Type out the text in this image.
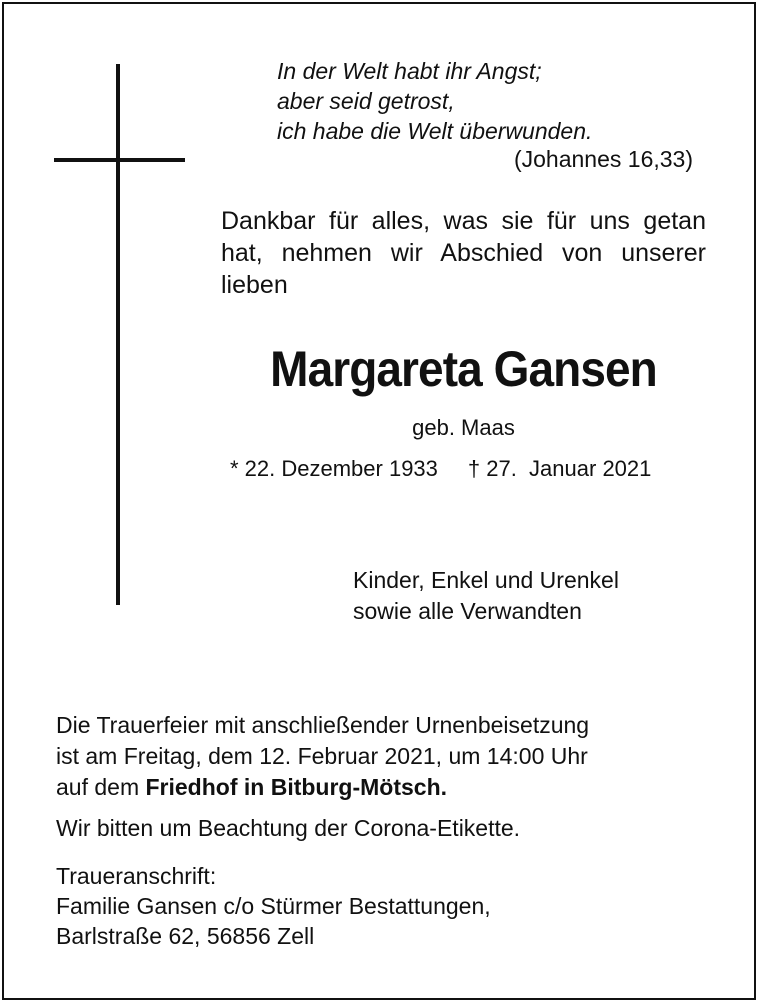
In der Welt habt ihr Angst;
aber seid getrost,
ich habe die Welt überwunden.
(Johannes 16,33)
Dankbar für alles, was sie für uns getan hat, nehmen wir Abschied von unserer lieben
Margareta Gansen
geb. Maas
* 22. Dezember 1933 † 27.  Januar 2021
Kinder, Enkel und Urenkel
sowie alle Verwandten
Die Trauerfeier mit anschließender Urnenbeisetzung
ist am Freitag, dem 12. Februar 2021, um 14:00 Uhr
auf dem Friedhof in Bitburg-Mötsch.
Wir bitten um Beachtung der Corona-Etikette.
Traueranschrift:
Familie Gansen c/o Stürmer Bestattungen,
Barlstraße 62, 56856 Zell
